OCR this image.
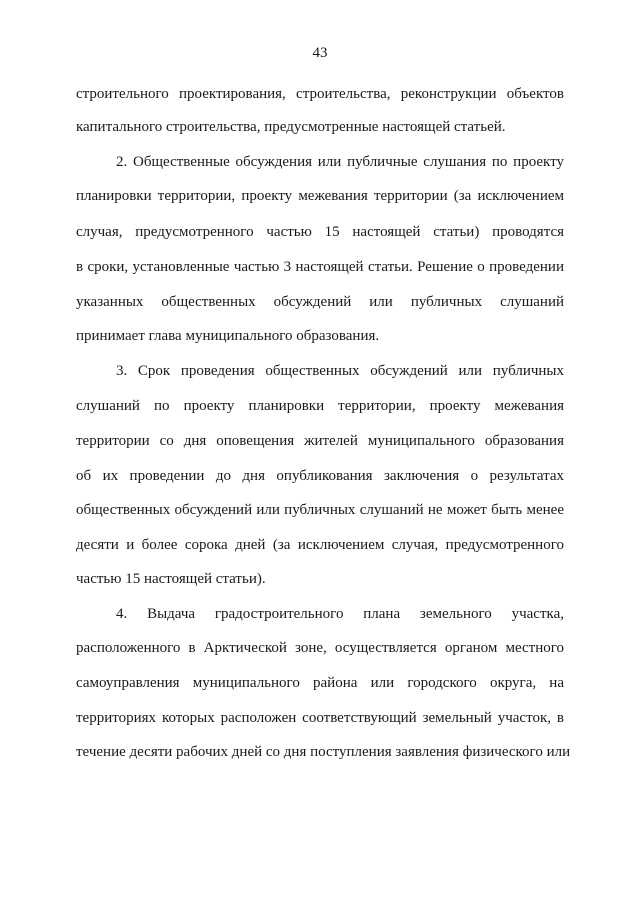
43
строительного проектирования, строительства, реконструкции объектов
капитального строительства, предусмотренные настоящей статьей.
2. Общественные обсуждения или публичные слушания по проекту
планировки территории, проекту межевания территории (за исключением
случая, предусмотренного частью 15 настоящей статьи) проводятся
в сроки, установленные частью 3 настоящей статьи. Решение о проведении
указанных общественных обсуждений или публичных слушаний
принимает глава муниципального образования.
3. Срок проведения общественных обсуждений или публичных
слушаний по проекту планировки территории, проекту межевания
территории со дня оповещения жителей муниципального образования
об их проведении до дня опубликования заключения о результатах
общественных обсуждений или публичных слушаний не может быть менее
десяти и более сорока дней (за исключением случая, предусмотренного
частью 15 настоящей статьи).
4. Выдача градостроительного плана земельного участка,
расположенного в Арктической зоне, осуществляется органом местного
самоуправления муниципального района или городского округа, на
территориях которых расположен соответствующий земельный участок, в
течение десяти рабочих дней со дня поступления заявления физического или
